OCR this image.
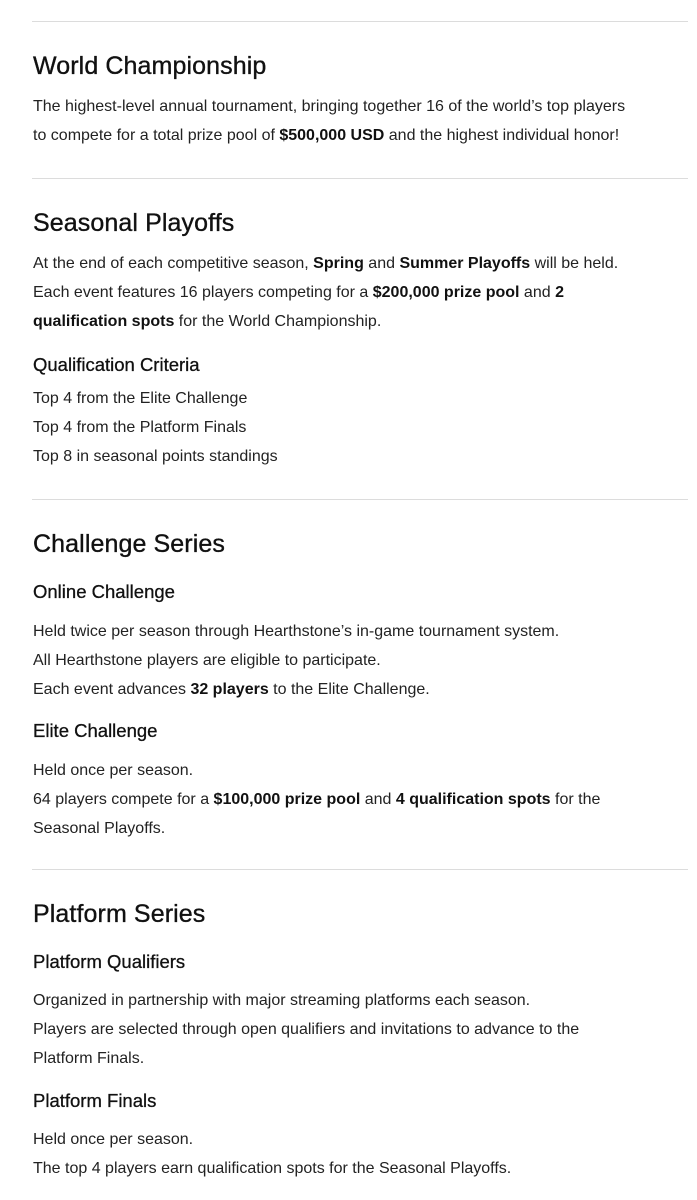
World Championship
The highest-level annual tournament, bringing together 16 of the world’s top players
to compete for a total prize pool of $500,000 USD and the highest individual honor!
Seasonal Playoffs
At the end of each competitive season, Spring and Summer Playoffs will be held.
Each event features 16 players competing for a $200,000 prize pool and 2
qualification spots for the World Championship.
Qualification Criteria
Top 4 from the Elite Challenge
Top 4 from the Platform Finals
Top 8 in seasonal points standings
Challenge Series
Online Challenge
Held twice per season through Hearthstone’s in-game tournament system.
All Hearthstone players are eligible to participate.
Each event advances 32 players to the Elite Challenge.
Elite Challenge
Held once per season.
64 players compete for a $100,000 prize pool and 4 qualification spots for the
Seasonal Playoffs.
Platform Series
Platform Qualifiers
Organized in partnership with major streaming platforms each season.
Players are selected through open qualifiers and invitations to advance to the
Platform Finals.
Platform Finals
Held once per season.
The top 4 players earn qualification spots for the Seasonal Playoffs.
